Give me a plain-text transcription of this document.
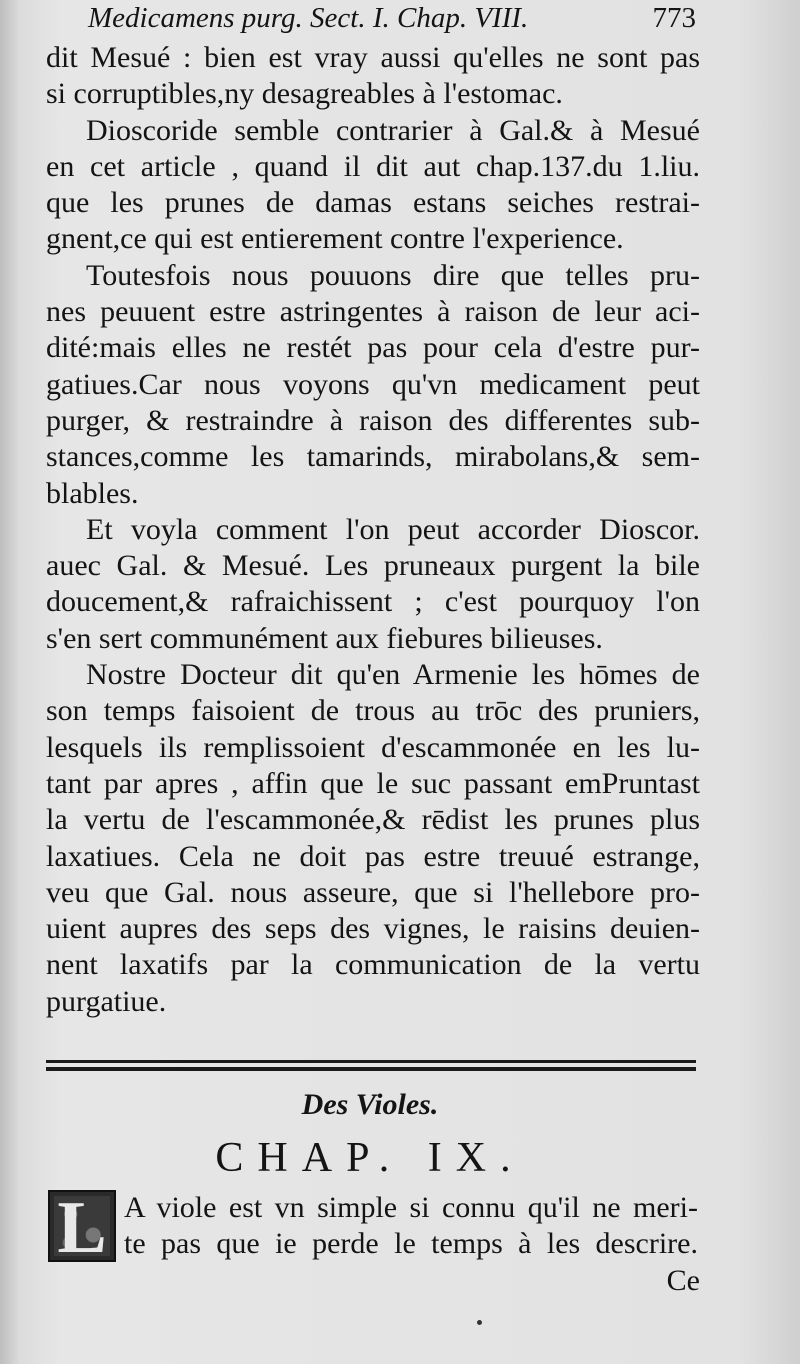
Medicamens purg. Sect. I. Chap. VIII.	773

dit Mesué : bien est vray aussi qu'elles ne sont pas
si corruptibles,ny desagreables à l'estomac.

Dioscoride semble contrarier à Gal.& à Mesué
en cet article , quand il dit aut chap.137.du 1.liu.
que les prunes de damas estans seiches restrai-
gnent,ce qui est entierement contre l'experience.

Toutesfois nous pouuons dire que telles pru-
nes peuuent estre astringentes à raison de leur aci-
dité:mais elles ne restét pas pour cela d'estre pur-
gatiues.Car nous voyons qu'vn medicament peut
purger, & restraindre à raison des differentes sub-
stances,comme les tamarinds, mirabolans,& sem-
blables.

Et voyla comment l'on peut accorder Dioscor.
auec Gal. & Mesué. Les pruneaux purgent la bile
doucement,& rafraichissent ; c'est pourquoy l'on
s'en sert communément aux fiebures bilieuses.

Nostre Docteur dit qu'en Armenie les hōmes de
son temps faisoient de trous au trōc des pruniers,
lesquels ils remplissoient d'escammonée en les lu-
tant par apres , affin que le suc passant emPruntast
la vertu de l'escammonée,& rēdist les prunes plus
laxatiues. Cela ne doit pas estre treuué estrange,
veu que Gal. nous asseure, que si l'hellebore pro-
uient aupres des seps des vignes, le raisins deuien-
nent laxatifs par la communication de la vertu
purgatiue.

Des Violes.
CHAP. IX.
L A viole est vn simple si connu qu'il ne meri-
te pas que ie perde le temps à les descrire.
Ce
